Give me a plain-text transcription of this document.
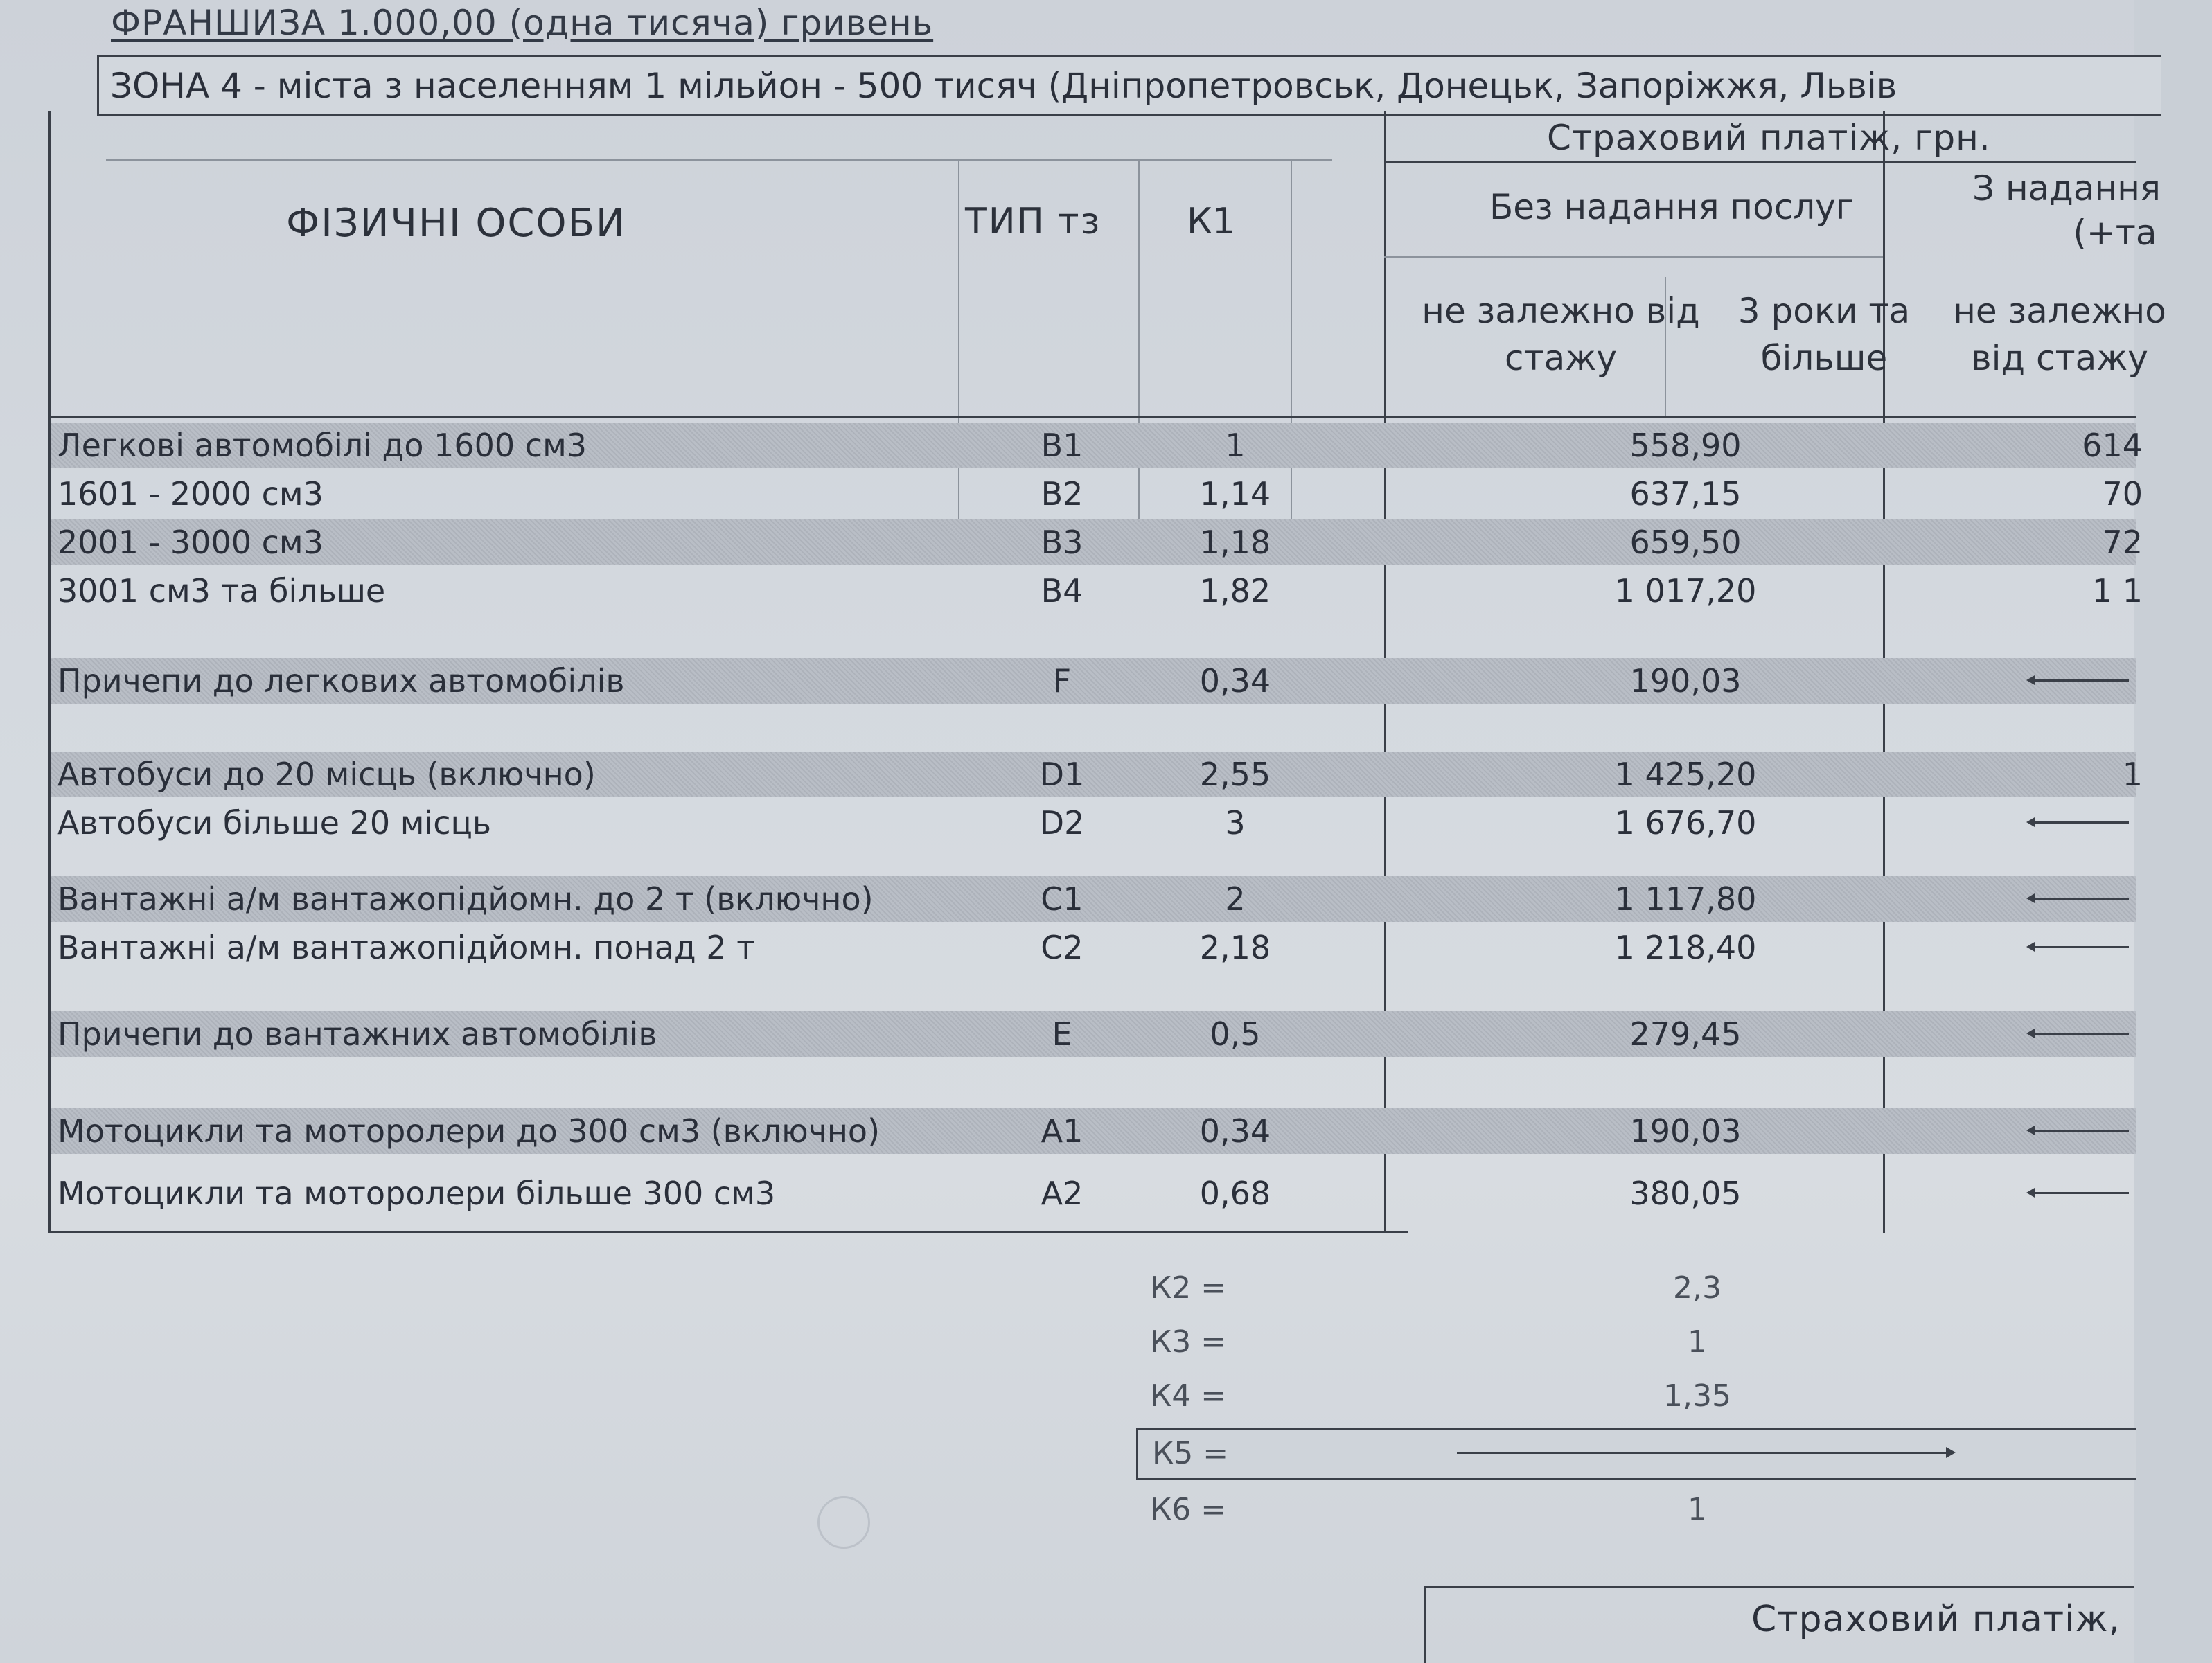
ФРАНШИЗА 1.000,00 (одна тисяча) гривень
ЗОНА 4 - міста з населенням 1 мільйон - 500 тисяч (Дніпропетровськ, Донецьк, Запоріжжя, Львів
ФІЗИЧНІ ОСОБИ	ТИП тз К1
Страховий платіж, грн.
Без надання послуг	З надання
(+та
не залежно від стажу
3 роки та більше
не залежно від стажу
Легкові автомобілі до 1600 см3	B1	1	558,90	614
1601 - 2000 см3	B2	1,14	637,15	70
2001 - 3000 см3	B3	1,18	659,50	72
3001 см3 та більше	B4	1,82	1 017,20	1 1
Причепи до легкових автомобілів	F	0,34	190,03
Автобуси до 20 місць (включно)	D1	2,55	1 425,20	1
Автобуси більше 20 місць	D2	3	1 676,70
Вантажні а/м вантажопідйомн. до 2 т (включно)	C1	2	1 117,80
Вантажні а/м вантажопідйомн. понад 2 т	C2	2,18	1 218,40
Причепи до вантажних автомобілів	E	0,5	279,45
Мотоцикли та моторолери до 300 см3 (включно)	A1	0,34	190,03
Мотоцикли та моторолери більше 300 см3	A2	0,68	380,05
К2 =	2,3
К3 =	1
К4 =	1,35
К5 =
К6 =	1
Страховий платіж,
